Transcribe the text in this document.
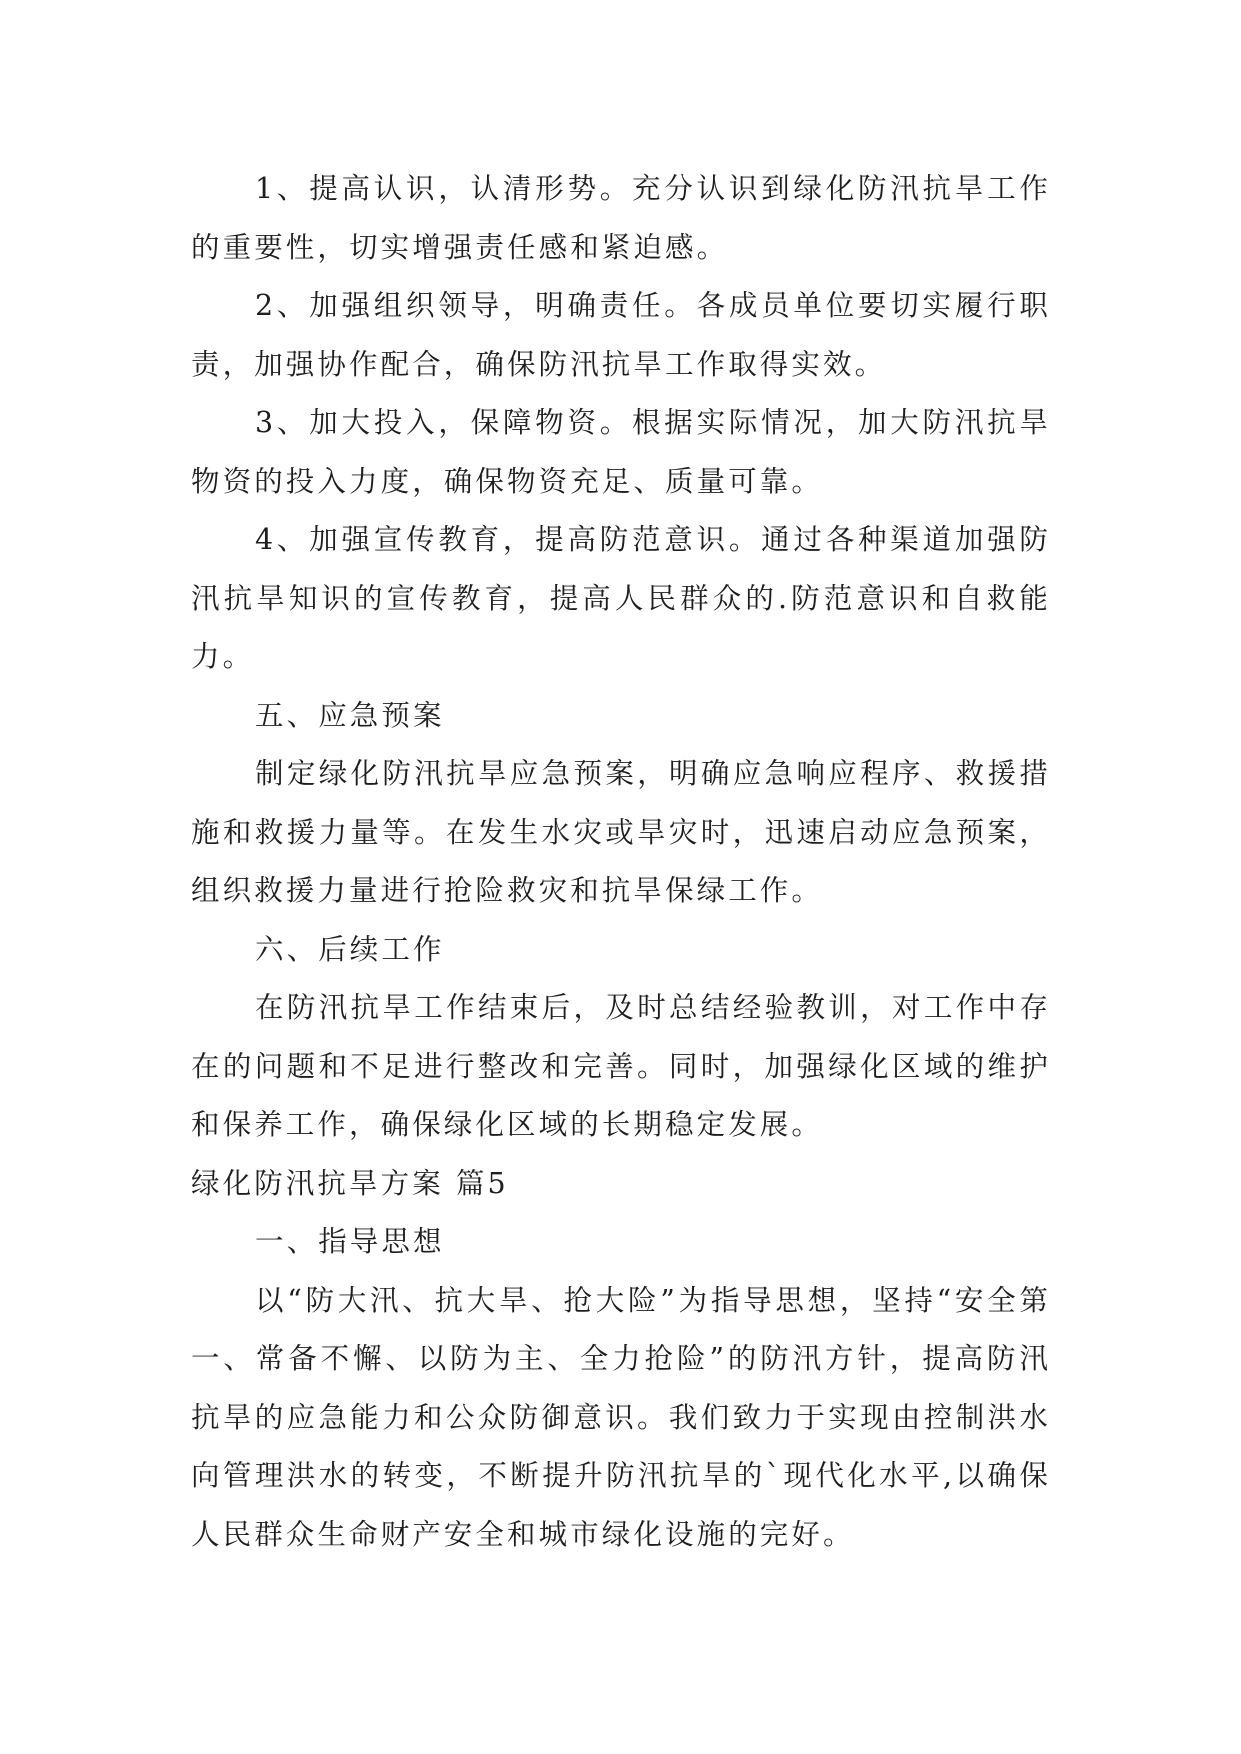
1、提高认识，认清形势。充分认识到绿化防汛抗旱工作的重要性，切实增强责任感和紧迫感。

2、加强组织领导，明确责任。各成员单位要切实履行职责，加强协作配合，确保防汛抗旱工作取得实效。

3、加大投入，保障物资。根据实际情况，加大防汛抗旱物资的投入力度，确保物资充足、质量可靠。

4、加强宣传教育，提高防范意识。通过各种渠道加强防汛抗旱知识的宣传教育，提高人民群众的.防范意识和自救能力。

五、应急预案

制定绿化防汛抗旱应急预案，明确应急响应程序、救援措施和救援力量等。在发生水灾或旱灾时，迅速启动应急预案，组织救援力量进行抢险救灾和抗旱保绿工作。

六、后续工作

在防汛抗旱工作结束后，及时总结经验教训，对工作中存在的问题和不足进行整改和完善。同时，加强绿化区域的维护和保养工作，确保绿化区域的长期稳定发展。

绿化防汛抗旱方案 篇5

一、指导思想

以“防大汛、抗大旱、抢大险”为指导思想，坚持“安全第一、常备不懈、以防为主、全力抢险”的防汛方针，提高防汛抗旱的应急能力和公众防御意识。我们致力于实现由控制洪水向管理洪水的转变，不断提升防汛抗旱的`现代化水平,以确保人民群众生命财产安全和城市绿化设施的完好。
